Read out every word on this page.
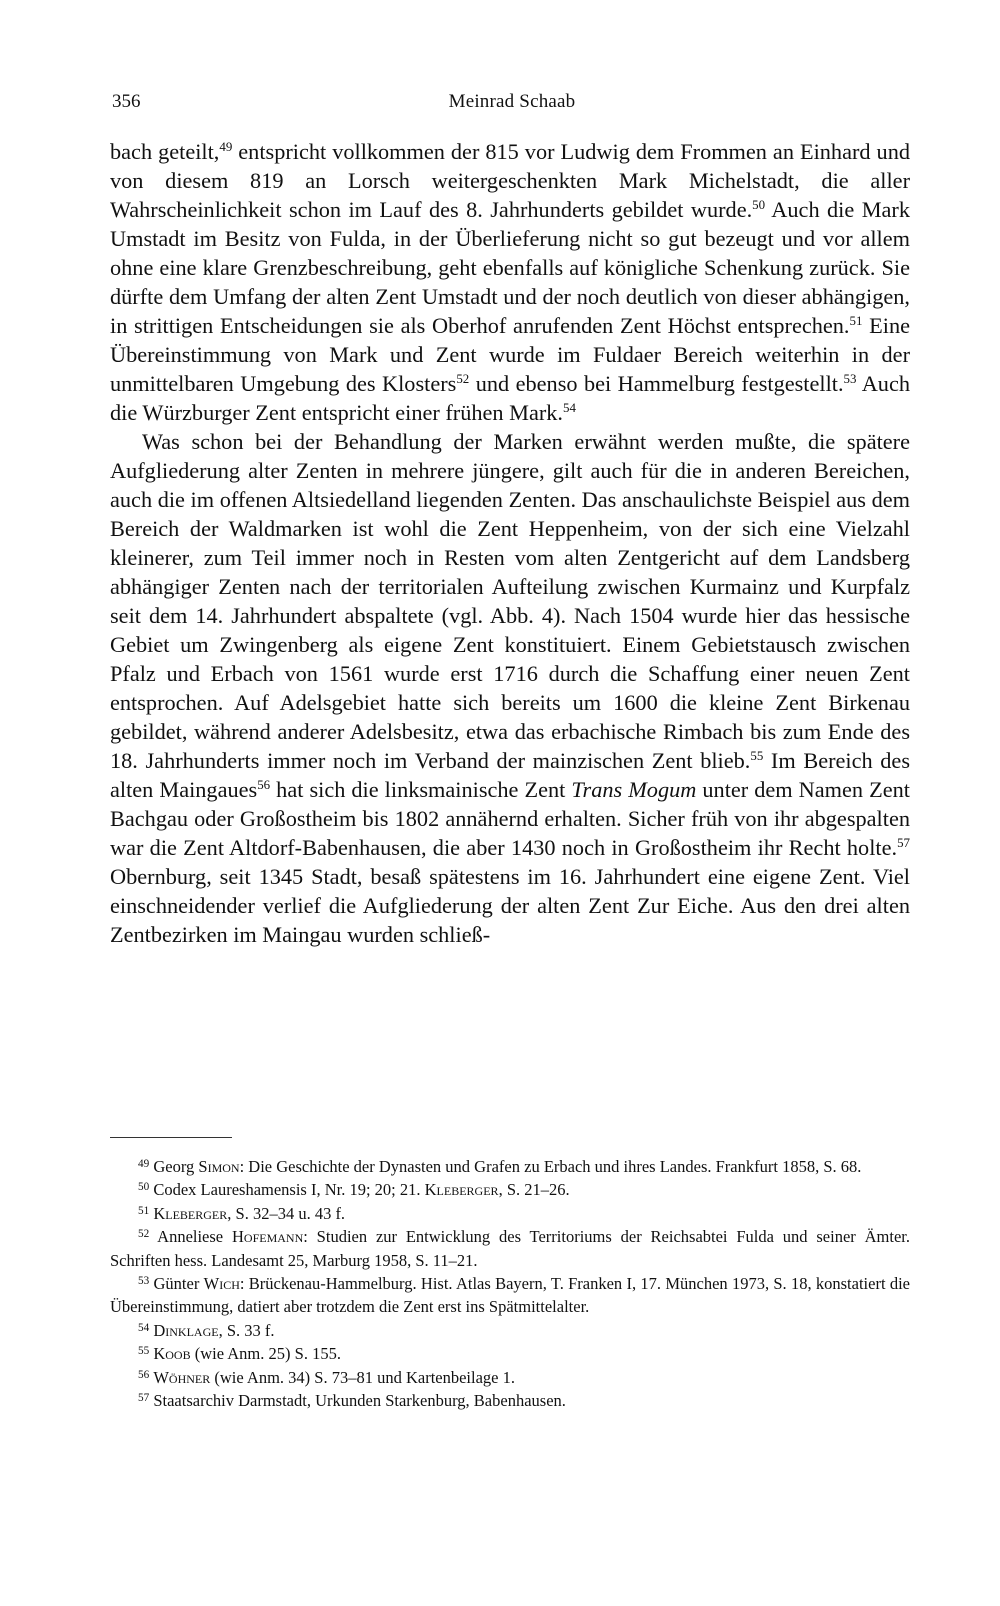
356	Meinrad Schaab

bach geteilt,$^{49}$ entspricht vollkommen der 815 vor Ludwig dem Frommen an Einhard und von diesem 819 an Lorsch weitergeschenkten Mark Michelstadt, die aller Wahrscheinlichkeit schon im Lauf des 8. Jahrhunderts gebildet wurde.$^{50}$ Auch die Mark Umstadt im Besitz von Fulda, in der Überlieferung nicht so gut bezeugt und vor allem ohne eine klare Grenzbeschreibung, geht ebenfalls auf königliche Schenkung zurück. Sie dürfte dem Umfang der alten Zent Umstadt und der noch deutlich von dieser abhängigen, in strittigen Entscheidungen sie als Oberhof anrufenden Zent Höchst entsprechen.$^{51}$ Eine Übereinstimmung von Mark und Zent wurde im Fuldaer Bereich weiterhin in der unmittelbaren Umgebung des Klosters$^{52}$ und ebenso bei Hammelburg festgestellt.$^{53}$ Auch die Würzburger Zent entspricht einer frühen Mark.$^{54}$

Was schon bei der Behandlung der Marken erwähnt werden mußte, die spätere Aufgliederung alter Zenten in mehrere jüngere, gilt auch für die in anderen Bereichen, auch die im offenen Altsiedelland liegenden Zenten. Das anschaulichste Beispiel aus dem Bereich der Waldmarken ist wohl die Zent Heppenheim, von der sich eine Vielzahl kleinerer, zum Teil immer noch in Resten vom alten Zentgericht auf dem Landsberg abhängiger Zenten nach der territorialen Aufteilung zwischen Kurmainz und Kurpfalz seit dem 14. Jahrhundert abspaltete (vgl. Abb. 4). Nach 1504 wurde hier das hessische Gebiet um Zwingenberg als eigene Zent konstituiert. Einem Gebietstausch zwischen Pfalz und Erbach von 1561 wurde erst 1716 durch die Schaffung einer neuen Zent entsprochen. Auf Adelsgebiet hatte sich bereits um 1600 die kleine Zent Birkenau gebildet, während anderer Adelsbesitz, etwa das erbachische Rimbach bis zum Ende des 18. Jahrhunderts immer noch im Verband der mainzischen Zent blieb.$^{55}$ Im Bereich des alten Maingaues$^{56}$ hat sich die linksmainische Zent Trans Mogum unter dem Namen Zent Bachgau oder Großostheim bis 1802 annähernd erhalten. Sicher früh von ihr abgespalten war die Zent Altdorf-Babenhausen, die aber 1430 noch in Großostheim ihr Recht holte.$^{57}$ Obernburg, seit 1345 Stadt, besaß spätestens im 16. Jahrhundert eine eigene Zent. Viel einschneidender verlief die Aufgliederung der alten Zent Zur Eiche. Aus den drei alten Zentbezirken im Maingau wurden schließ-

$^{49}$ Georg Simon: Die Geschichte der Dynasten und Grafen zu Erbach und ihres Landes. Frankfurt 1858, S. 68.

$^{50}$ Codex Laureshamensis I, Nr. 19; 20; 21. Kleberger, S. 21–26.

$^{51}$ Kleberger, S. 32–34 u. 43 f.

$^{52}$ Anneliese Hofemann: Studien zur Entwicklung des Territoriums der Reichsabtei Fulda und seiner Ämter. Schriften hess. Landesamt 25, Marburg 1958, S. 11–21.

$^{53}$ Günter Wich: Brückenau-Hammelburg. Hist. Atlas Bayern, T. Franken I, 17. München 1973, S. 18, konstatiert die Übereinstimmung, datiert aber trotzdem die Zent erst ins Spätmittelalter.

$^{54}$ Dinklage, S. 33 f.

$^{55}$ Koob (wie Anm. 25) S. 155.

$^{56}$ Wöhner (wie Anm. 34) S. 73–81 und Kartenbeilage 1.

$^{57}$ Staatsarchiv Darmstadt, Urkunden Starkenburg, Babenhausen.
